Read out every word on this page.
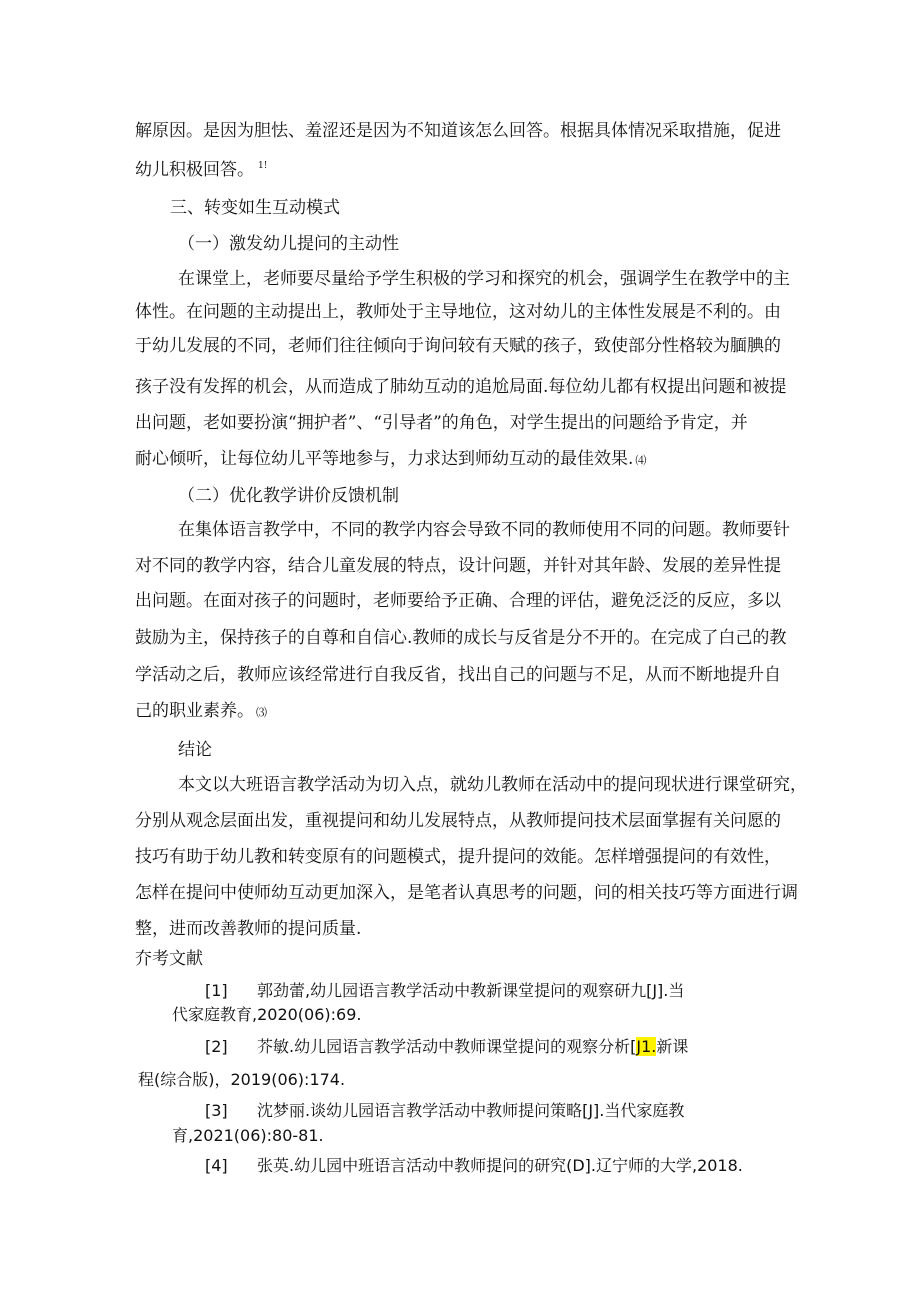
解原因。是因为胆怯、羞涩还是因为不知道该怎么回答。根据具体情况采取措施，促进
幼儿积极回答。 $^{1!}$
三、转变如生互动模式
（一）激发幼儿提问的主动性
在课堂上，老师要尽量给予学生积极的学习和探究的机会，强调学生在教学中的主
体性。在问题的主动提出上，教师处于主导地位，这对幼儿的主体性发展是不利的。由
于幼儿发展的不同，老师们往往倾向于询问较有天赋的孩子，致使部分性格较为腼腆的
孩子没有发挥的机会，从而造成了肺幼互动的追尬局面.每位幼儿都有权提出问题和被提
出问题，老如要扮演“拥护者”、“引导者”的角色，对学生提出的问题给予肯定，并
耐心倾听，让每位幼儿平等地参与，力求达到师幼互动的最佳效果. ⑷
（二）优化教学讲价反馈机制
在集体语言教学中，不同的教学内容会导致不同的教师使用不同的问题。教师要针
对不同的教学内容，结合儿童发展的特点，设计问题，并针对其年龄、发展的差异性提
出问题。在面对孩子的问题时，老师要给予正确、合理的评估，避免泛泛的反应，多以
鼓励为主，保持孩子的自尊和自信心.教师的成长与反省是分不开的。在完成了白己的教
学活动之后，教师应该经常进行自我反省，找出自己的问题与不足，从而不断地提升自
己的职业素养。 ⑶
结论
本文以大班语言教学活动为切入点，就幼儿教师在活动中的提问现状进行课堂研究，
分别从观念层面出发，重视提问和幼儿发展特点，从教师提问技术层面掌握有关问愿的
技巧有助于幼儿教和转变原有的问题模式，提升提问的效能。怎样增强提问的有效性，
怎样在提问中使师幼互动更加深入，是笔者认真思考的问题，问的相关技巧等方面进行调
整，进而改善教师的提问质量.
夰考文献
[1] 郭劲蕾,幼儿园语言教学活动中教新课堂提问的观察研九[J].当
代家庭教育,2020(06):69.
[2] 芥敏.幼儿园语言教学活动中教师课堂提问的观察分析[J1.新课
程(综合版)，2019(06):174.
[3] 沈梦丽.谈幼儿园语言教学活动中教师提问策略[J].当代家庭教
育,2021(06):80-81.
[4] 张英.幼儿园中班语言活动中教师提问的研究(D].辽宁师的大学,2018.
